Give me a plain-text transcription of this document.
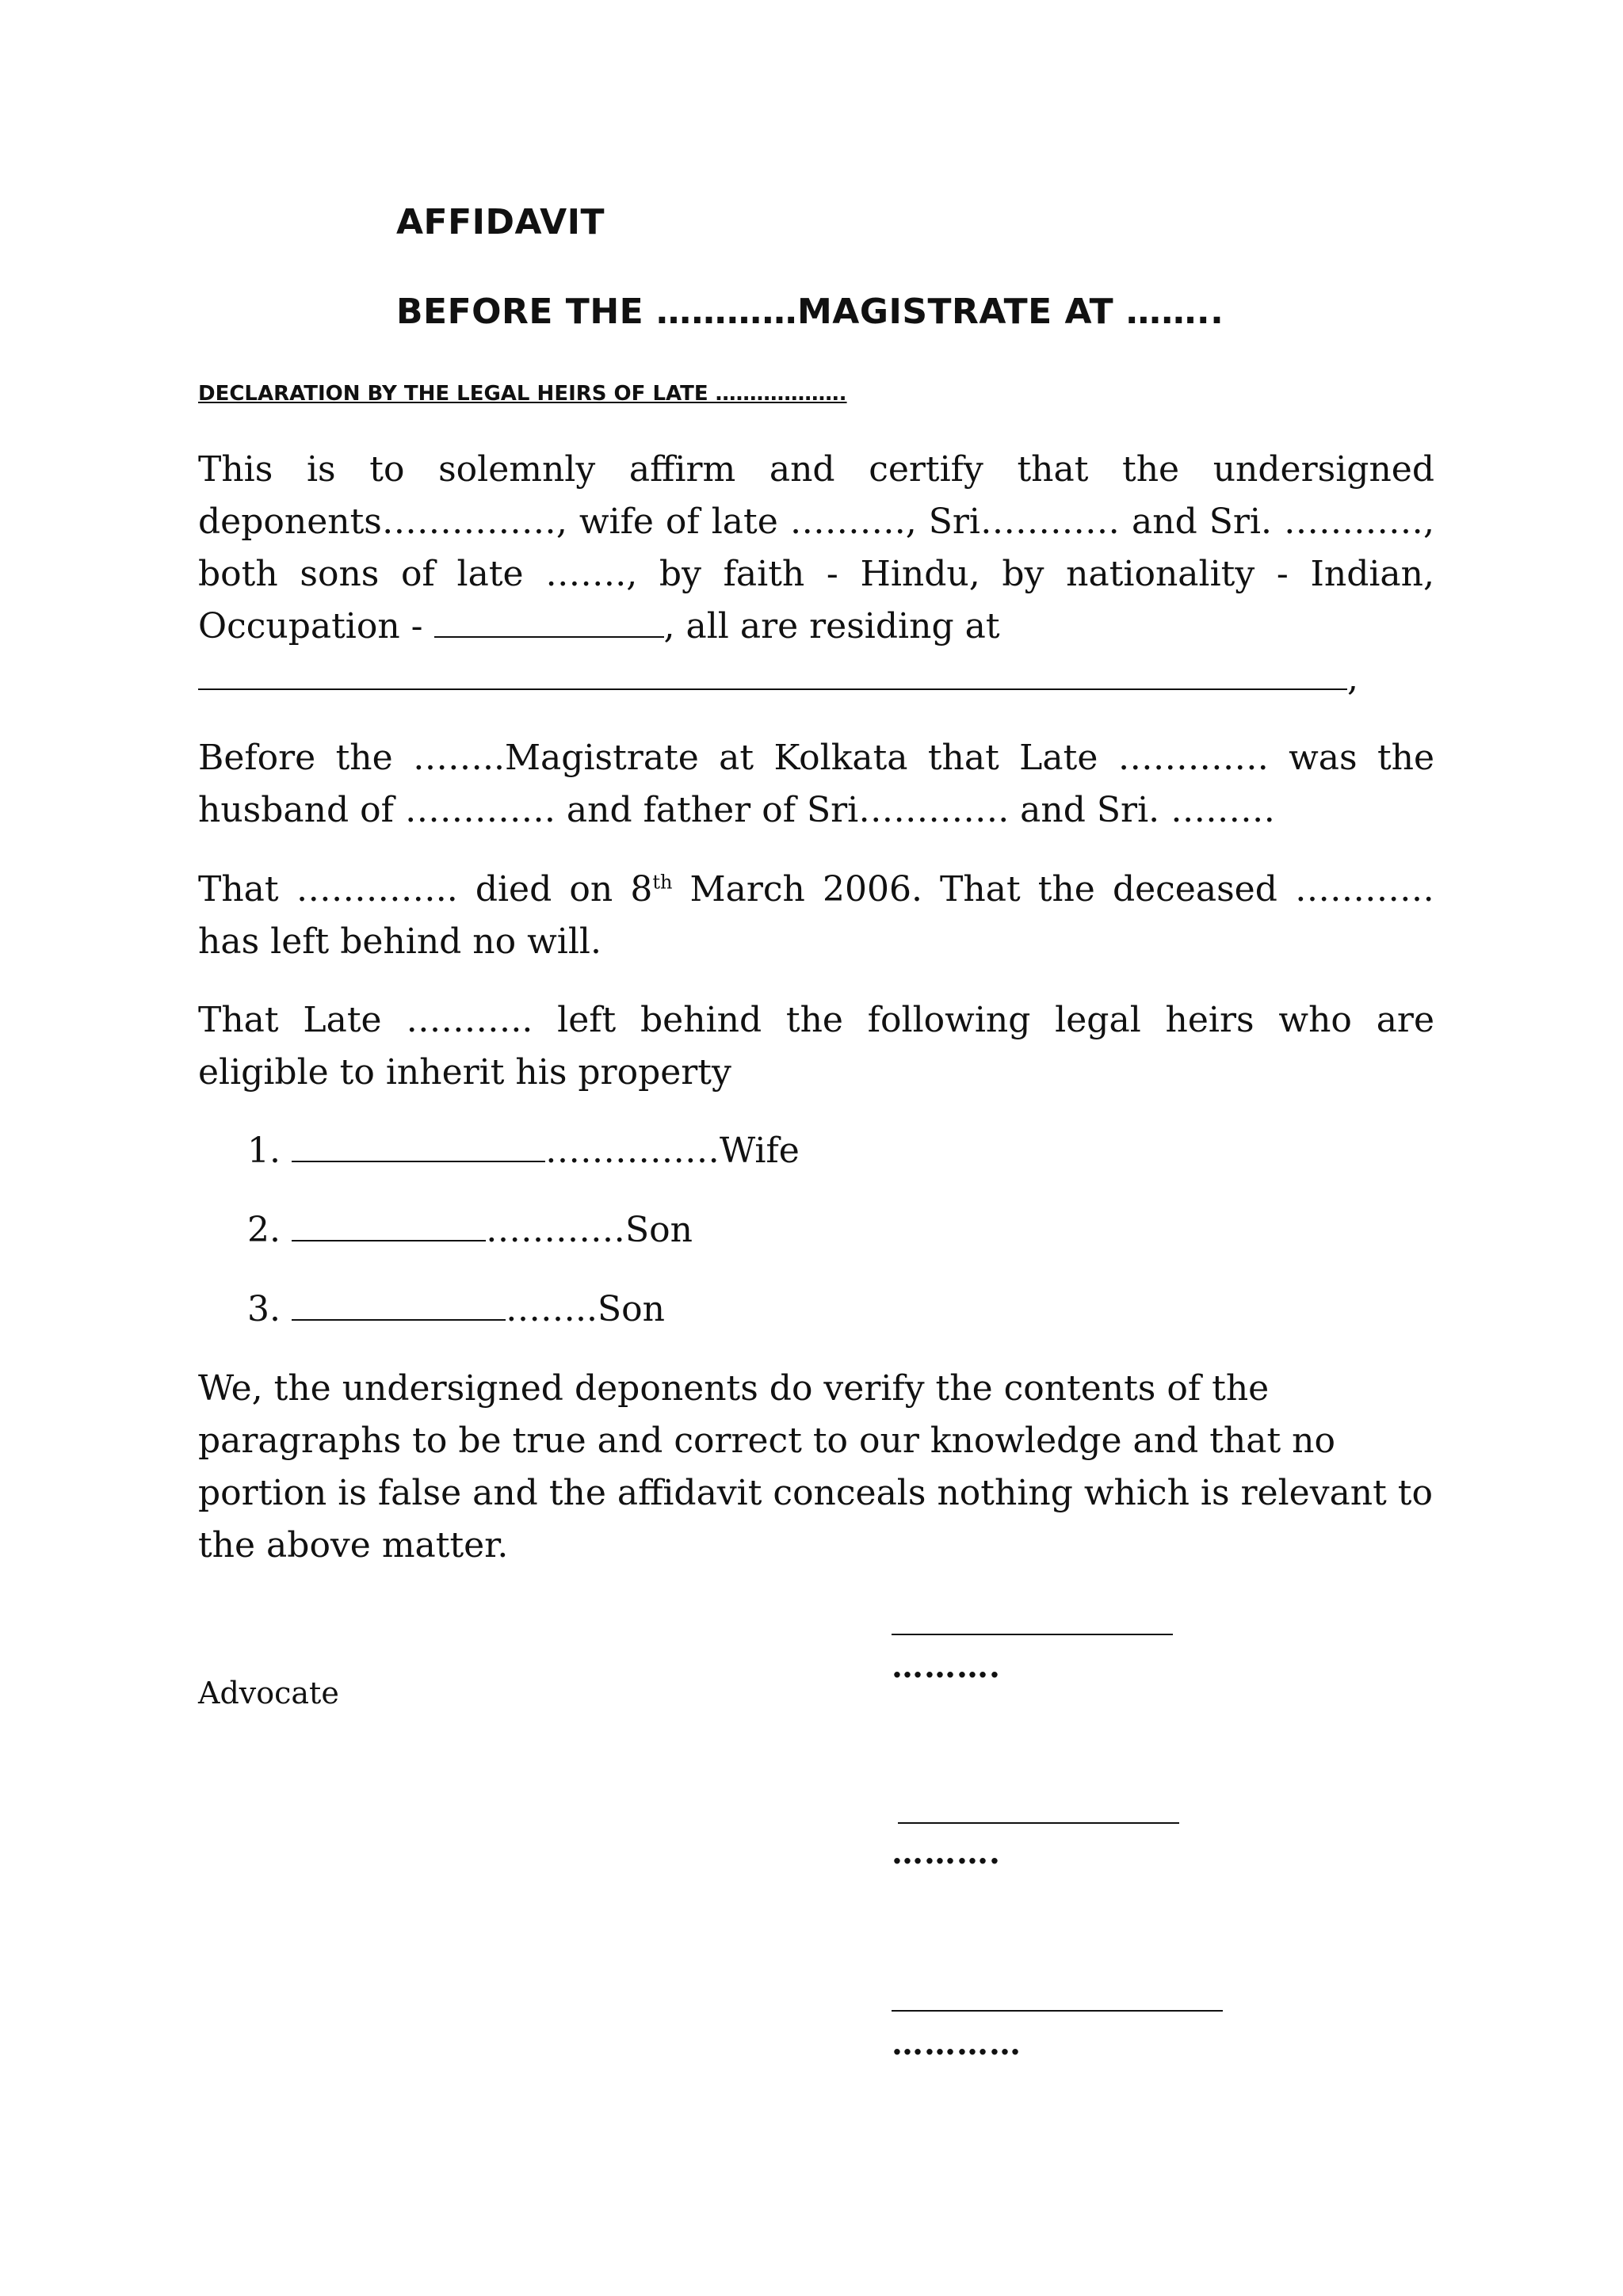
AFFIDAVIT
BEFORE THE …………MAGISTRATE AT ……..

DECLARATION BY THE LEGAL HEIRS OF LATE ……………….

This is to solemnly affirm and certify that the undersigned deponents……………, wife of late ………., Sri………… and Sri. …………, both sons of late ……., by faith - Hindu, by nationality - Indian, Occupation -	, all are residing at
,

Before the ……..Magistrate at Kolkata that Late …………. was the husband of …………. and father of Sri…………. and Sri. ………

That ………….. died on 8th March 2006. That the deceased ………… has left behind no will.

That Late ……….. left behind the following legal heirs who are eligible to inherit his property

1.	……………Wife

2.	…………Son

3.	……..Son

We, the undersigned deponents do verify the contents of the paragraphs to be true and correct to our knowledge and that no portion is false and the affidavit conceals nothing which is relevant to the above matter.

Advocate

……….

……….

…………
